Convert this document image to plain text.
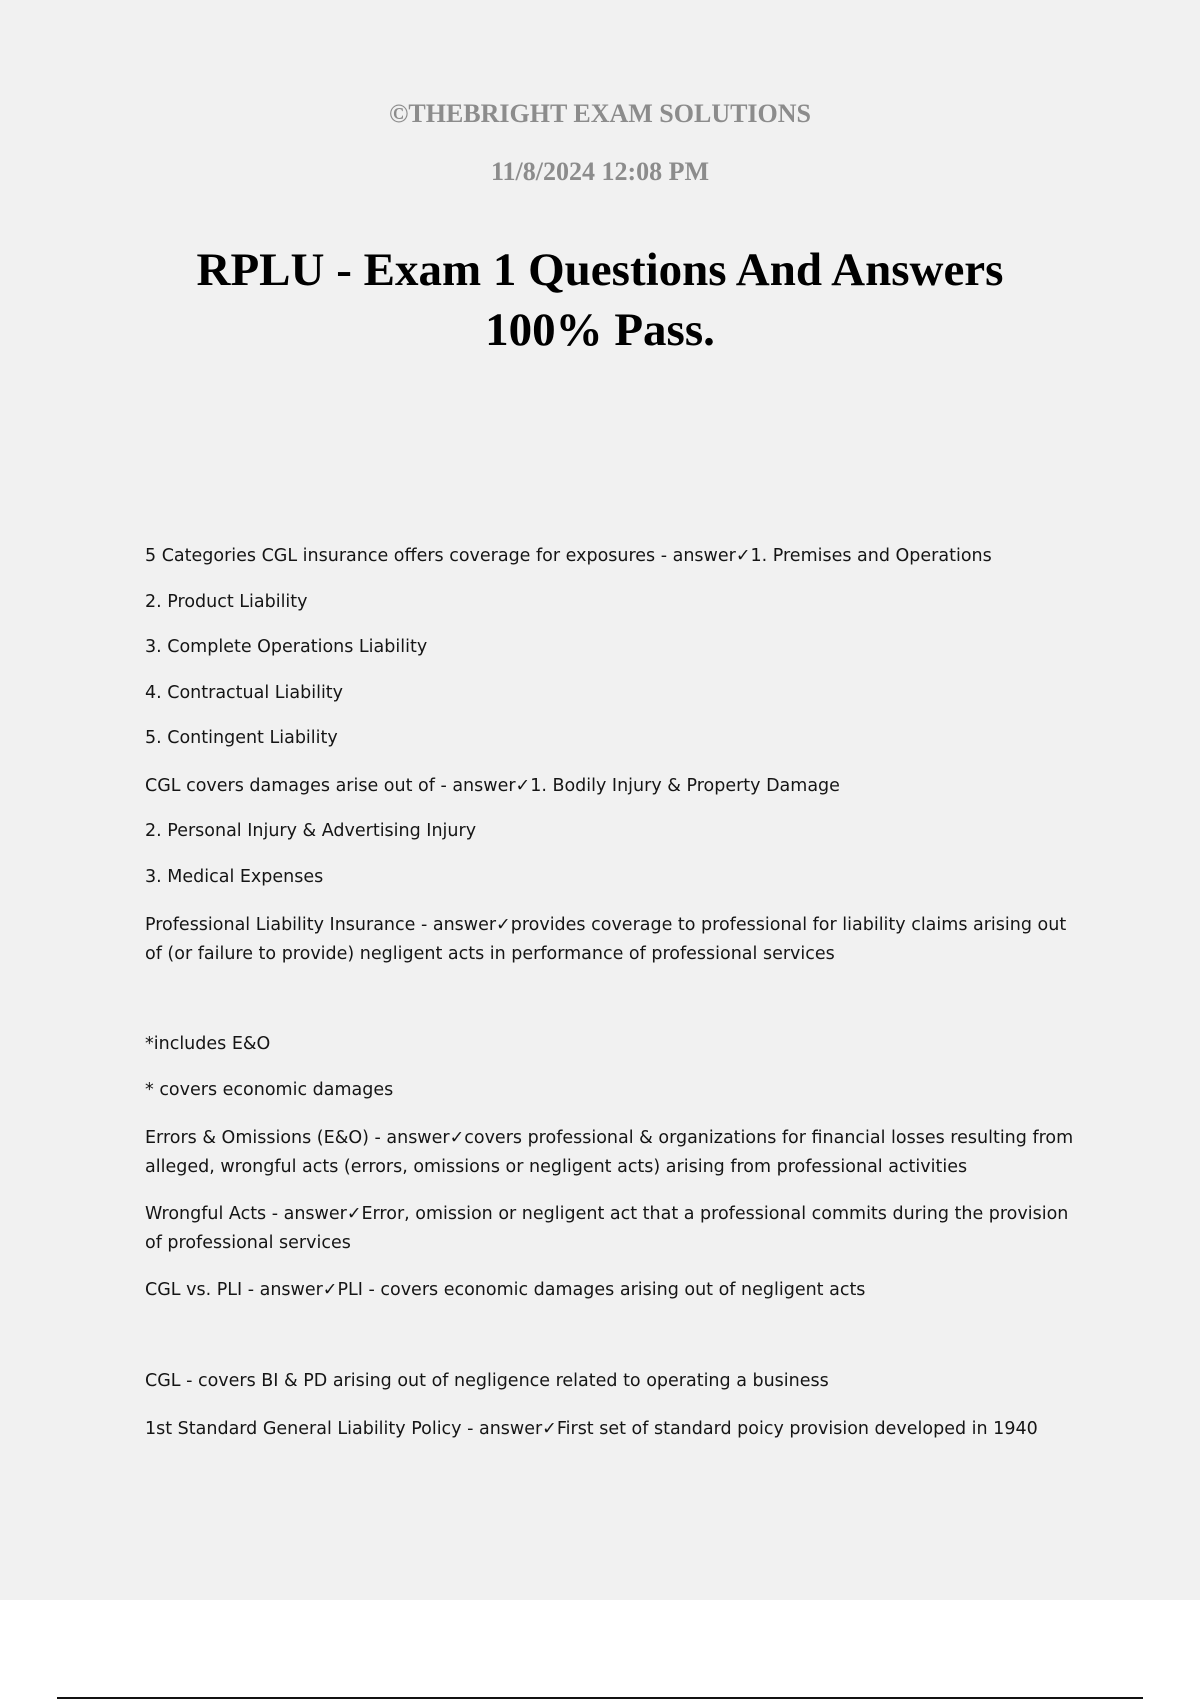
©THEBRIGHT EXAM SOLUTIONS
11/8/2024 12:08 PM
RPLU - Exam 1 Questions And Answers
100% Pass.

5 Categories CGL insurance offers coverage for exposures - answer✓1. Premises and Operations

2. Product Liability

3. Complete Operations Liability

4. Contractual Liability

5. Contingent Liability

CGL covers damages arise out of - answer✓1. Bodily Injury & Property Damage

2. Personal Injury & Advertising Injury

3. Medical Expenses

Professional Liability Insurance - answer✓provides coverage to professional for liability claims arising out of (or failure to provide) negligent acts in performance of professional services

*includes E&O

* covers economic damages

Errors & Omissions (E&O) - answer✓covers professional & organizations for financial losses resulting from alleged, wrongful acts (errors, omissions or negligent acts) arising from professional activities

Wrongful Acts - answer✓Error, omission or negligent act that a professional commits during the provision of professional services

CGL vs. PLI - answer✓PLI - covers economic damages arising out of negligent acts

CGL - covers BI & PD arising out of negligence related to operating a business

1st Standard General Liability Policy - answer✓First set of standard poicy provision developed in 1940
